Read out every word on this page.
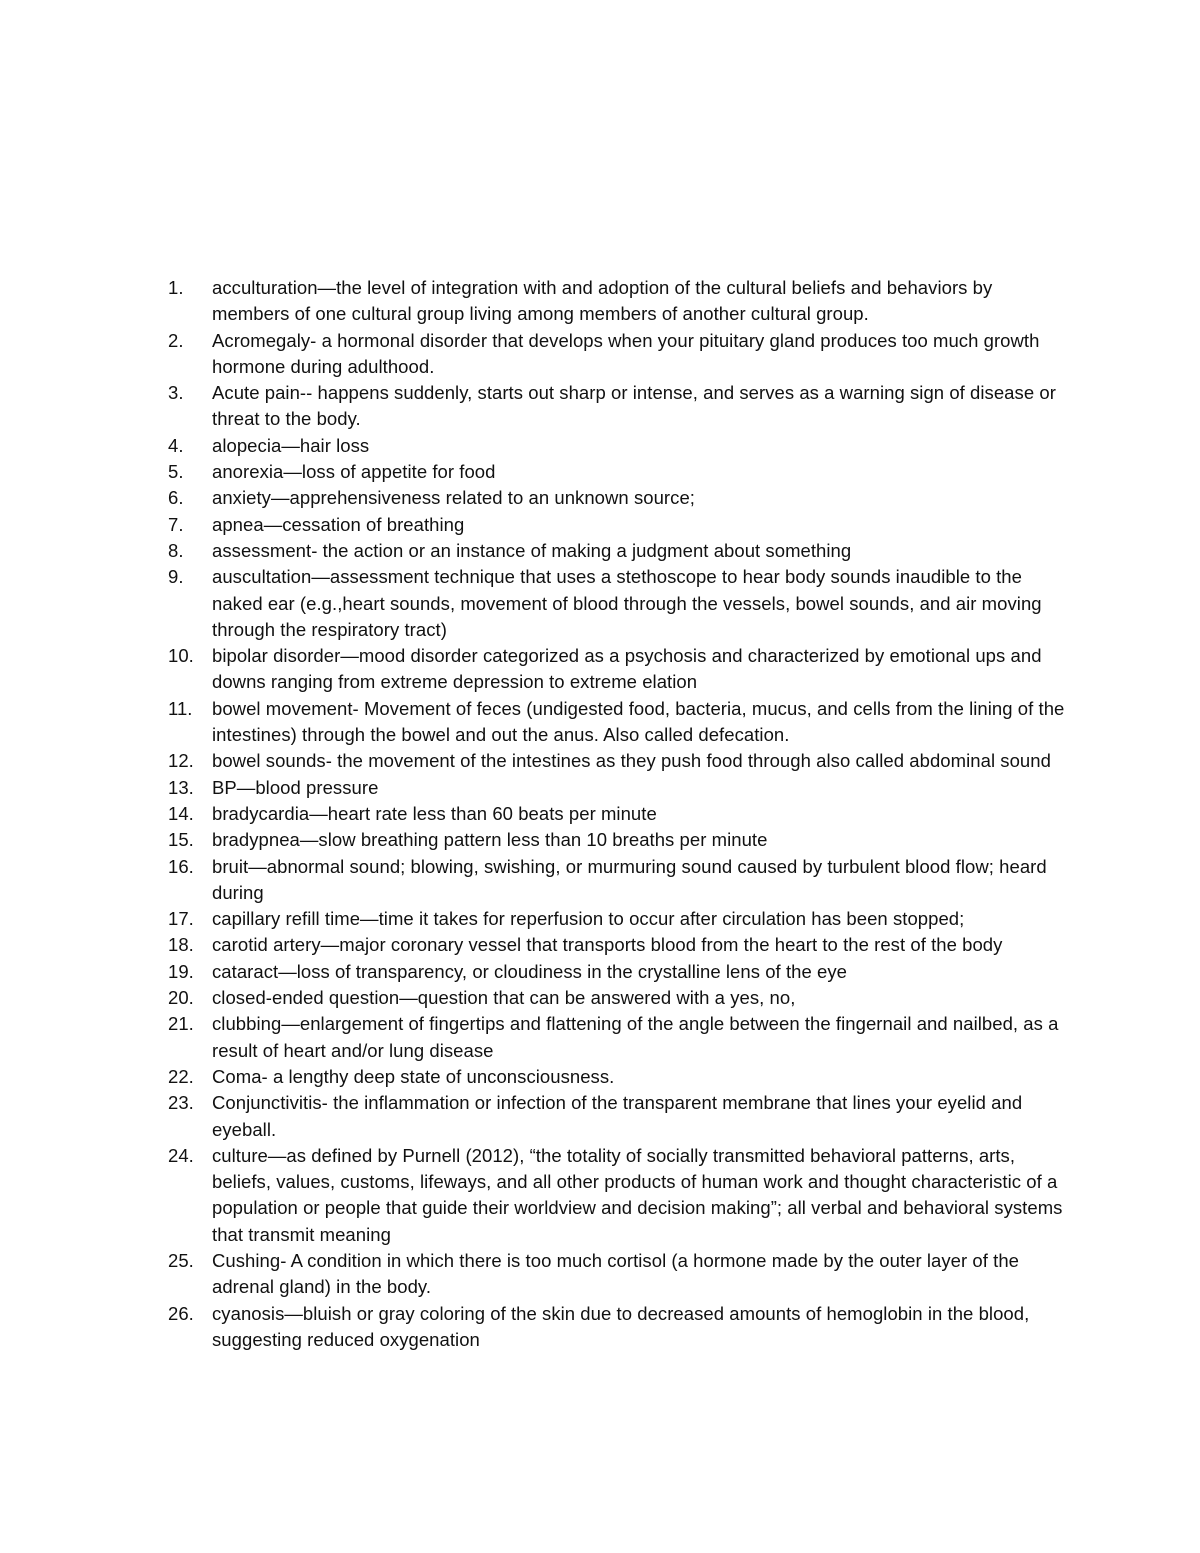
1.	acculturation—the level of integration with and adoption of the cultural beliefs and behaviors by members of one cultural group living among members of another cultural group.
2.	Acromegaly- a hormonal disorder that develops when your pituitary gland produces too much growth hormone during adulthood.
3.	Acute pain-- happens suddenly, starts out sharp or intense, and serves as a warning sign of disease or threat to the body.
4.	alopecia—hair loss
5.	anorexia—loss of appetite for food
6.	anxiety—apprehensiveness related to an unknown source;
7.	apnea—cessation of breathing
8.	assessment- the action or an instance of making a judgment about something
9.	auscultation—assessment technique that uses a stethoscope to hear body sounds inaudible to the naked ear (e.g.,heart sounds, movement of blood through the vessels, bowel sounds, and air moving through the respiratory tract)
10. bipolar disorder—mood disorder categorized as a psychosis and characterized by emotional ups and downs ranging from extreme depression to extreme elation
11.	bowel movement- Movement of feces (undigested food, bacteria, mucus, and cells from the lining of the intestines) through the bowel and out the anus. Also called defecation.
12. bowel sounds- the movement of the intestines as they push food through also called abdominal sound
13. BP—blood pressure
14. bradycardia—heart rate less than 60 beats per minute
15. bradypnea—slow breathing pattern less than 10 breaths per minute
16. bruit—abnormal sound; blowing, swishing, or murmuring sound caused by turbulent blood flow; heard during
17. capillary refill time—time it takes for reperfusion to occur after circulation has been stopped;
18. carotid artery—major coronary vessel that transports blood from the heart to the rest of the body
19. cataract—loss of transparency, or cloudiness in the crystalline lens of the eye
20. closed-ended question—question that can be answered with a yes, no,
21. clubbing—enlargement of fingertips and flattening of the angle between the fingernail and nailbed, as a result of heart and/or lung disease
22. Coma- a lengthy deep state of unconsciousness.
23. Conjunctivitis- the inflammation or infection of the transparent membrane that lines your eyelid and eyeball.
24. culture—as defined by Purnell (2012), “the totality of socially transmitted behavioral patterns, arts, beliefs, values, customs, lifeways, and all other products of human work and thought characteristic of a population or people that guide their worldview and decision making”; all verbal and behavioral systems that transmit meaning
25. Cushing- A condition in which there is too much cortisol (a hormone made by the outer layer of the adrenal gland) in the body.
26. cyanosis—bluish or gray coloring of the skin due to decreased amounts of hemoglobin in the blood, suggesting reduced oxygenation
